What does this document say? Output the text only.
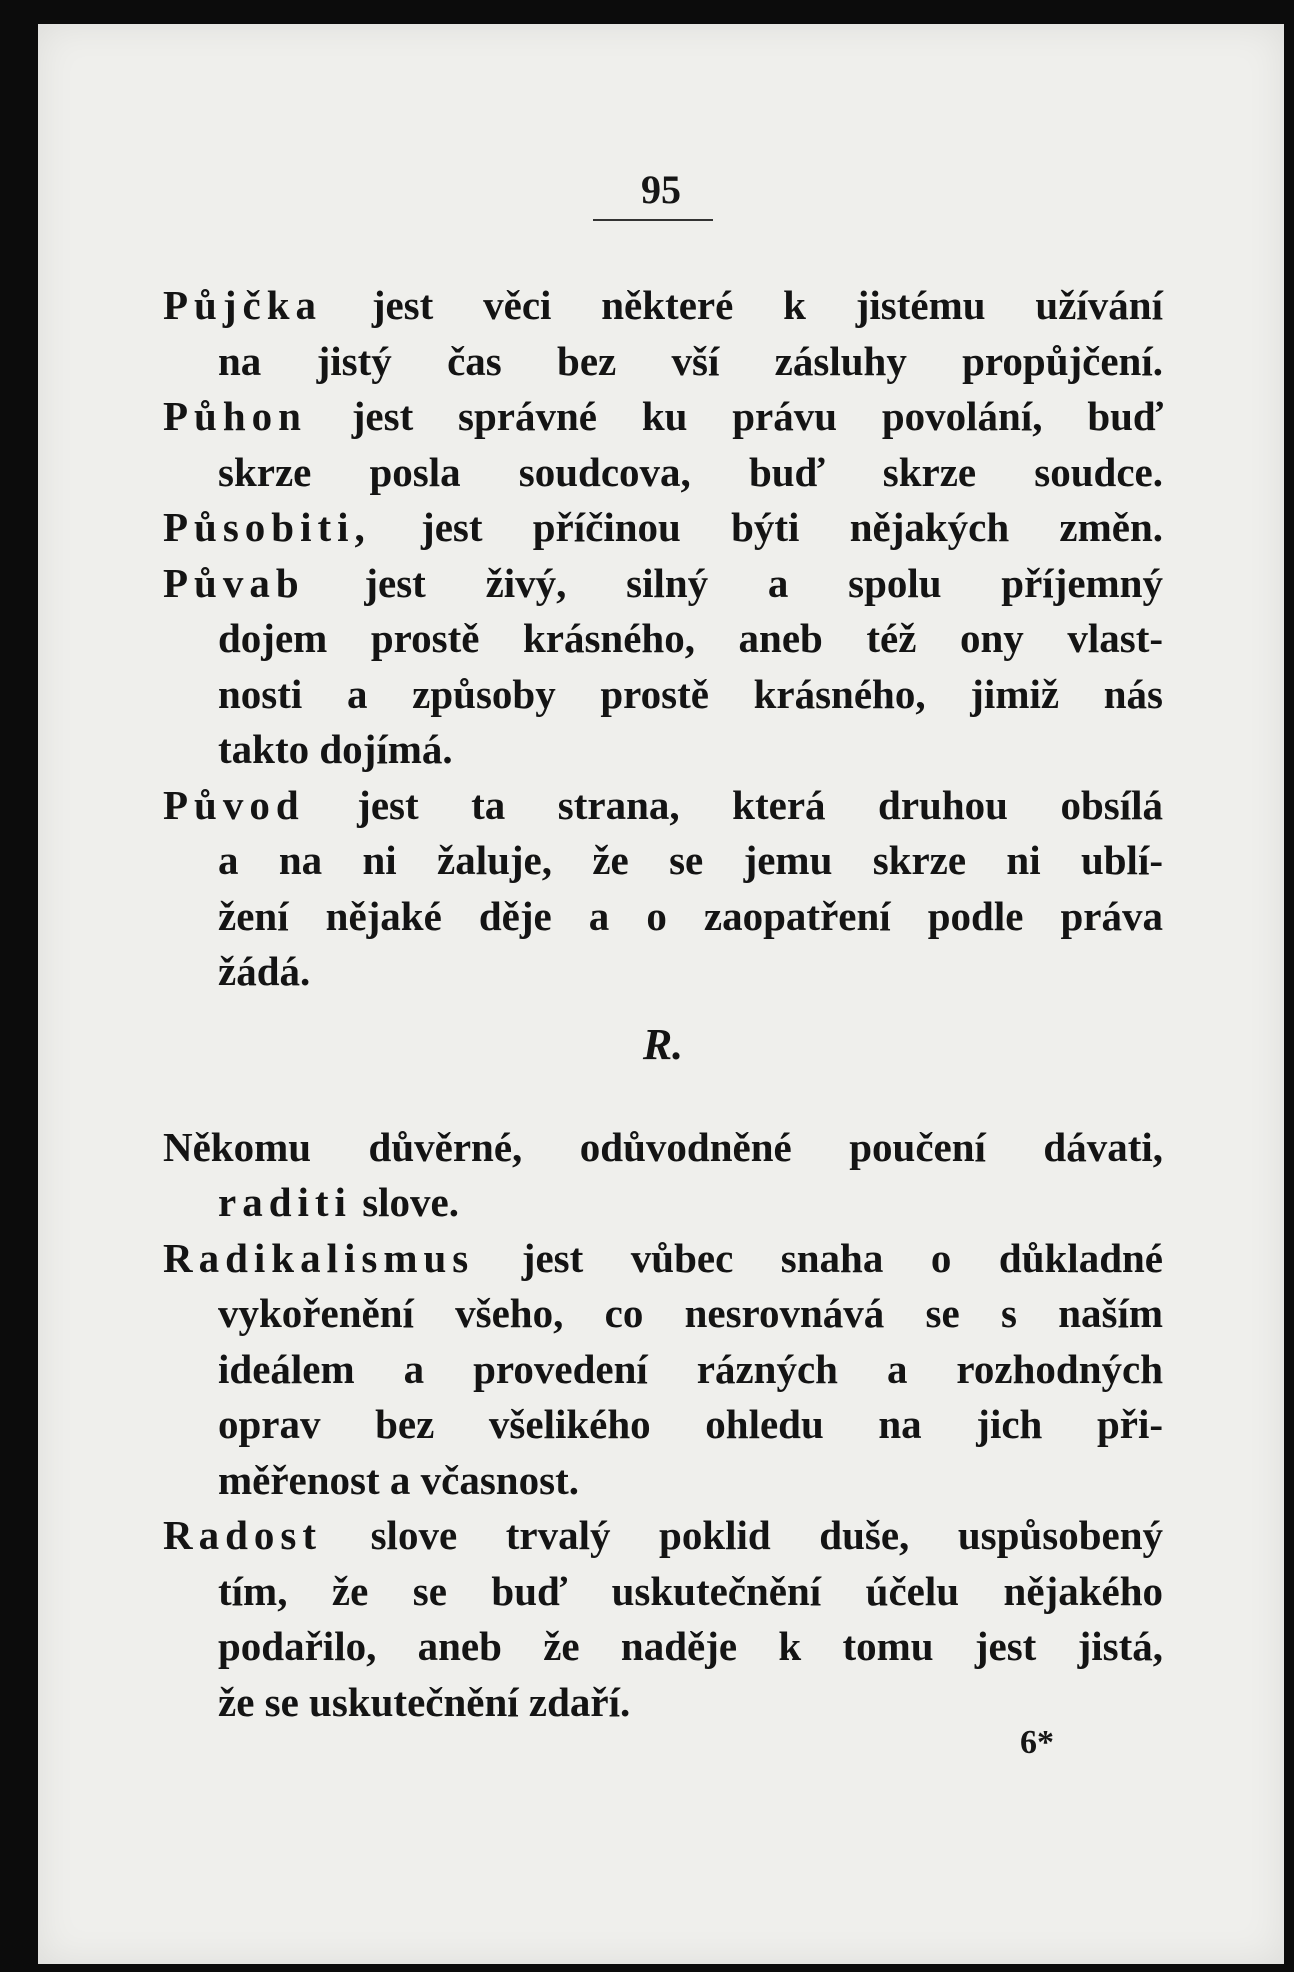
95
Půjčka jest věci některé k jistému užívání
na jistý čas bez vší zásluhy propůjčení.
Půhon jest správné ku právu povolání, buď
skrze posla soudcova, buď skrze soudce.
Působiti, jest příčinou býti nějakých změn.
Půvab jest živý, silný a spolu příjemný
dojem prostě krásného, aneb též ony vlast-
nosti a způsoby prostě krásného, jimiž nás
takto dojímá.
Původ jest ta strana, která druhou obsílá
a na ni žaluje, že se jemu skrze ni ublí-
žení nějaké děje a o zaopatření podle práva
žádá.
R.
Někomu důvěrné, odůvodněné poučení dávati,
raditi slove.
Radikalismus jest vůbec snaha o důkladné
vykořenění všeho, co nesrovnává se s naším
ideálem a provedení rázných a rozhodných
oprav bez všelikého ohledu na jich při-
měřenost a včasnost.
Radost slove trvalý poklid duše, uspůsobený
tím, že se buď uskutečnění účelu nějakého
podařilo, aneb že naděje k tomu jest jistá,
že se uskutečnění zdaří.
6*
